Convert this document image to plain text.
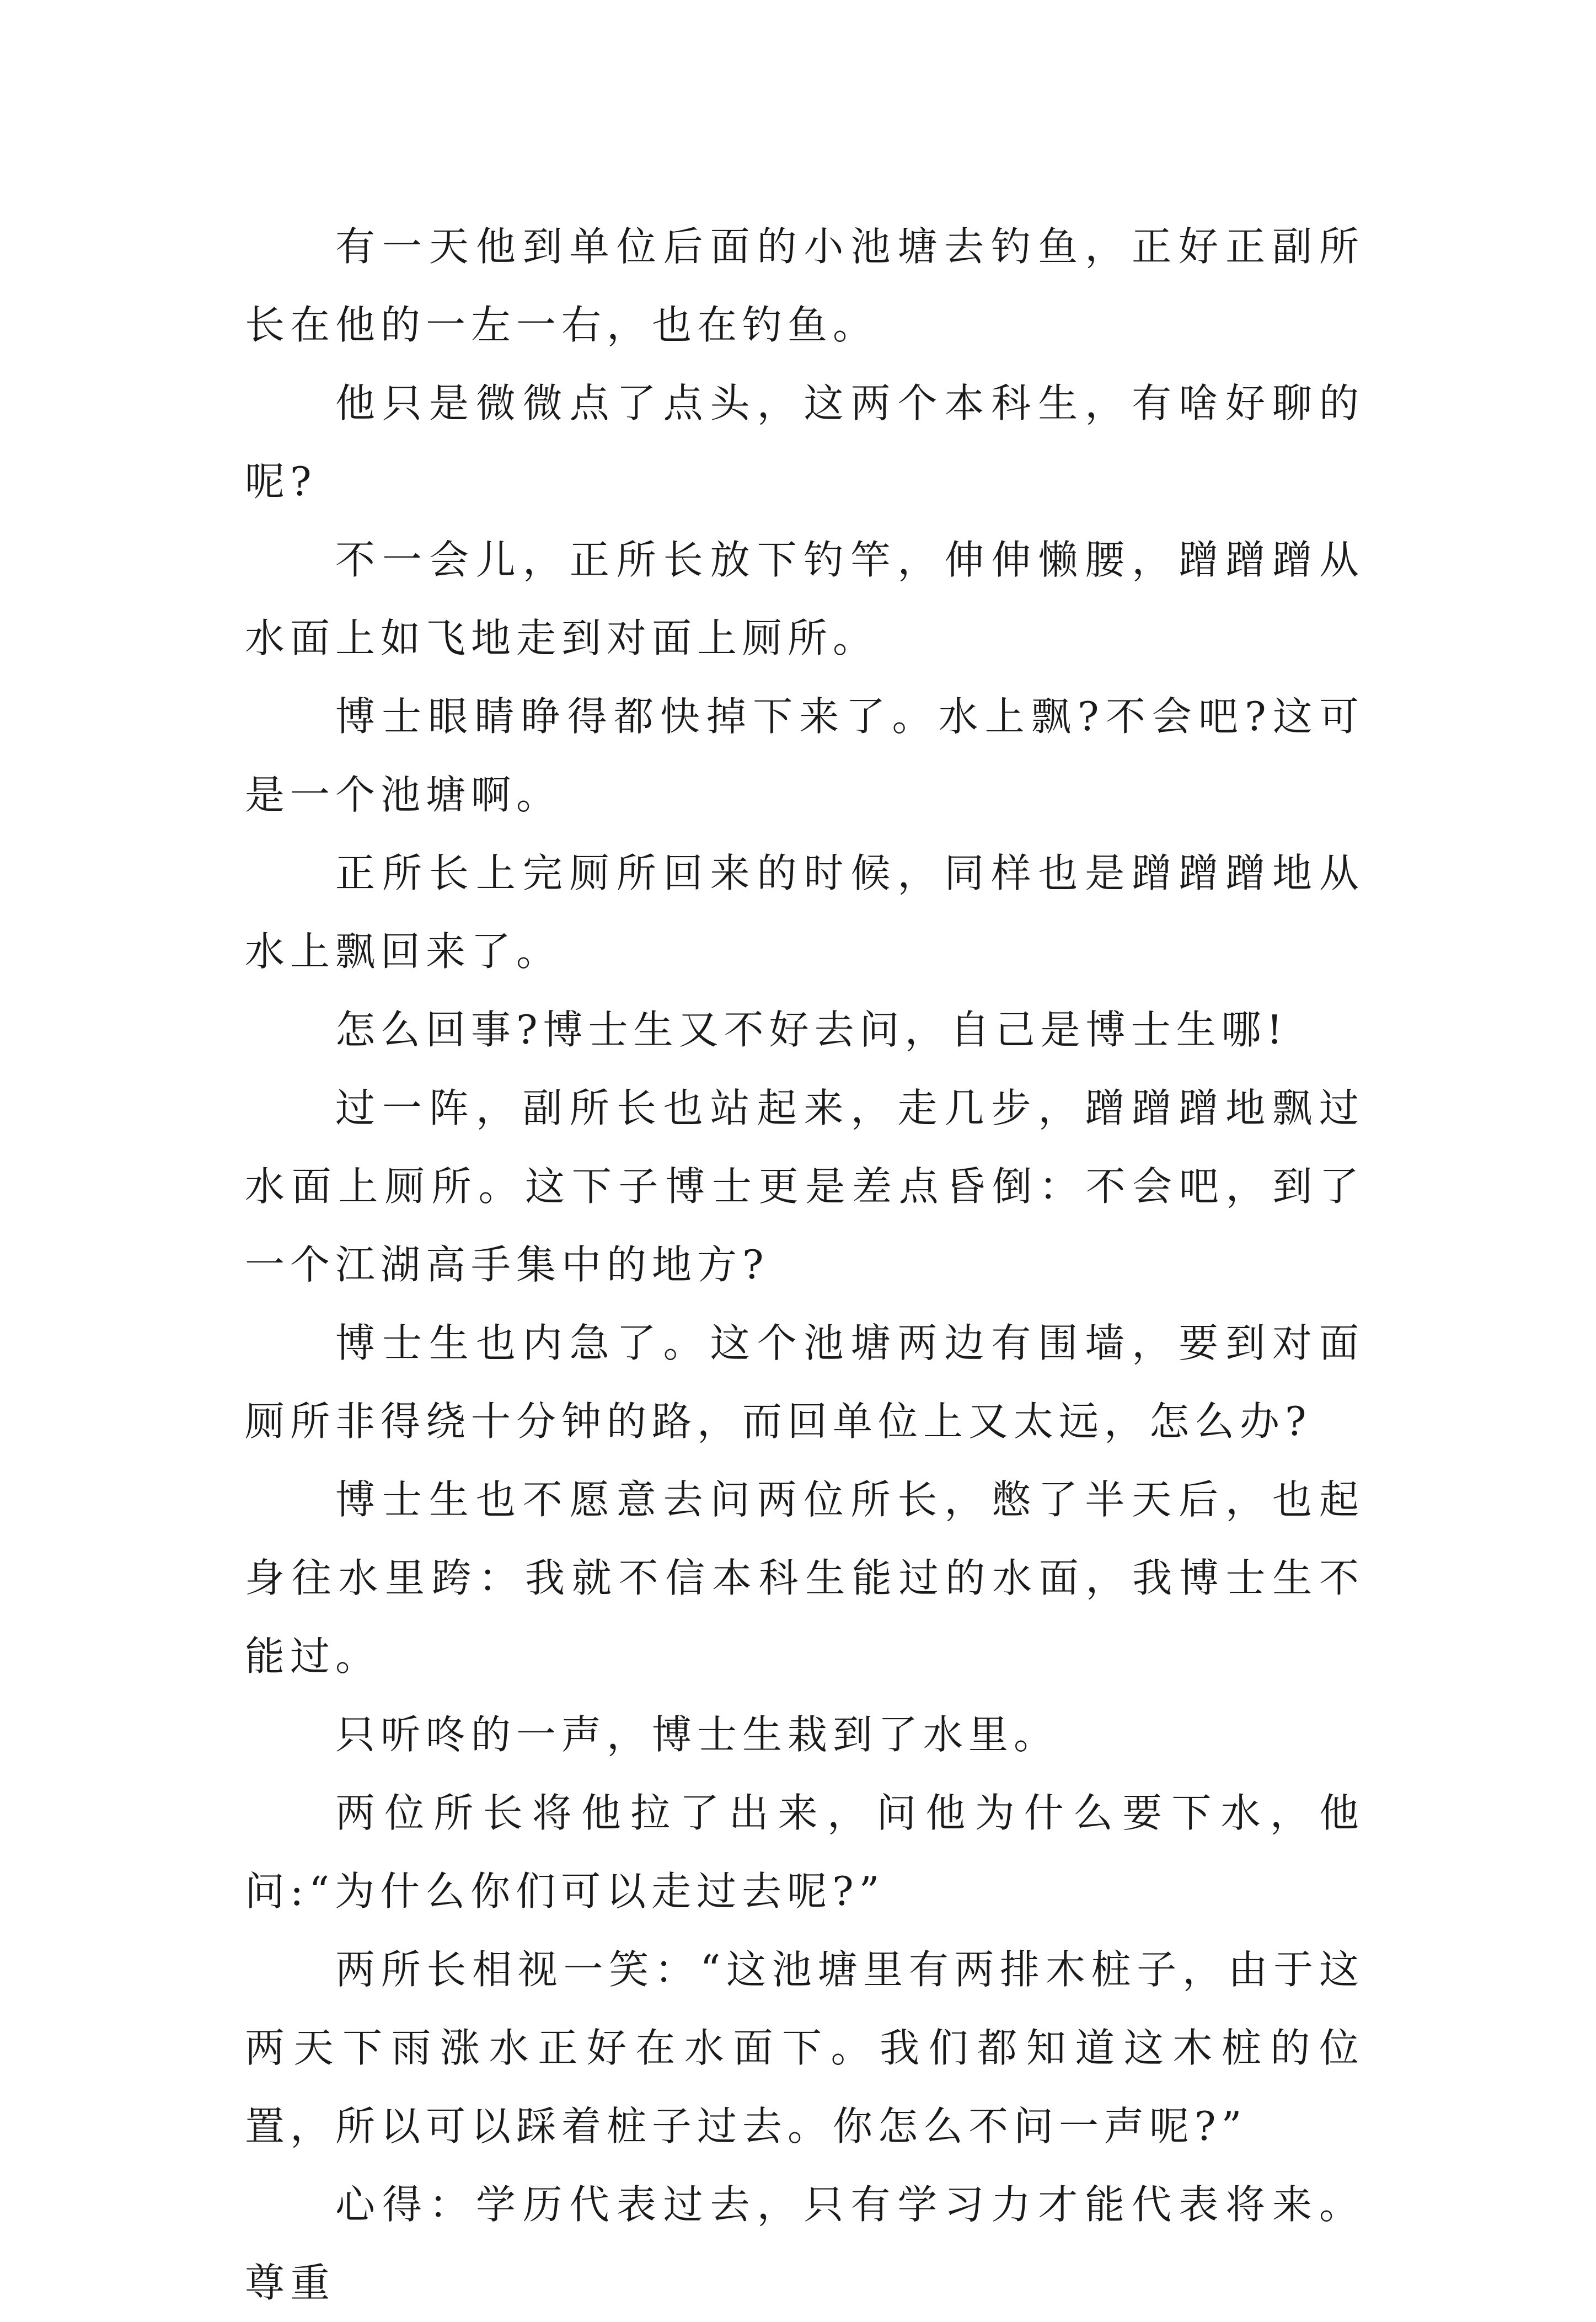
有一天他到单位后面的小池塘去钓鱼，正好正副所长在他的一左一右，也在钓鱼。

他只是微微点了点头，这两个本科生，有啥好聊的呢?

不一会儿，正所长放下钓竿，伸伸懒腰，蹭蹭蹭从水面上如飞地走到对面上厕所。

博士眼睛睁得都快掉下来了。水上飘?不会吧?这可是一个池塘啊。

正所长上完厕所回来的时候，同样也是蹭蹭蹭地从水上飘回来了。

怎么回事?博士生又不好去问，自己是博士生哪!

过一阵，副所长也站起来，走几步，蹭蹭蹭地飘过水面上厕所。这下子博士更是差点昏倒：不会吧，到了一个江湖高手集中的地方?

博士生也内急了。这个池塘两边有围墙，要到对面厕所非得绕十分钟的路，而回单位上又太远，怎么办?

博士生也不愿意去问两位所长，憋了半天后，也起身往水里跨：我就不信本科生能过的水面，我博士生不能过。

只听咚的一声，博士生栽到了水里。

两位所长将他拉了出来，问他为什么要下水，他问:“为什么你们可以走过去呢?”

两所长相视一笑：“这池塘里有两排木桩子，由于这两天下雨涨水正好在水面下。我们都知道这木桩的位置，所以可以踩着桩子过去。你怎么不问一声呢?”

心得：学历代表过去，只有学习力才能代表将来。尊重
